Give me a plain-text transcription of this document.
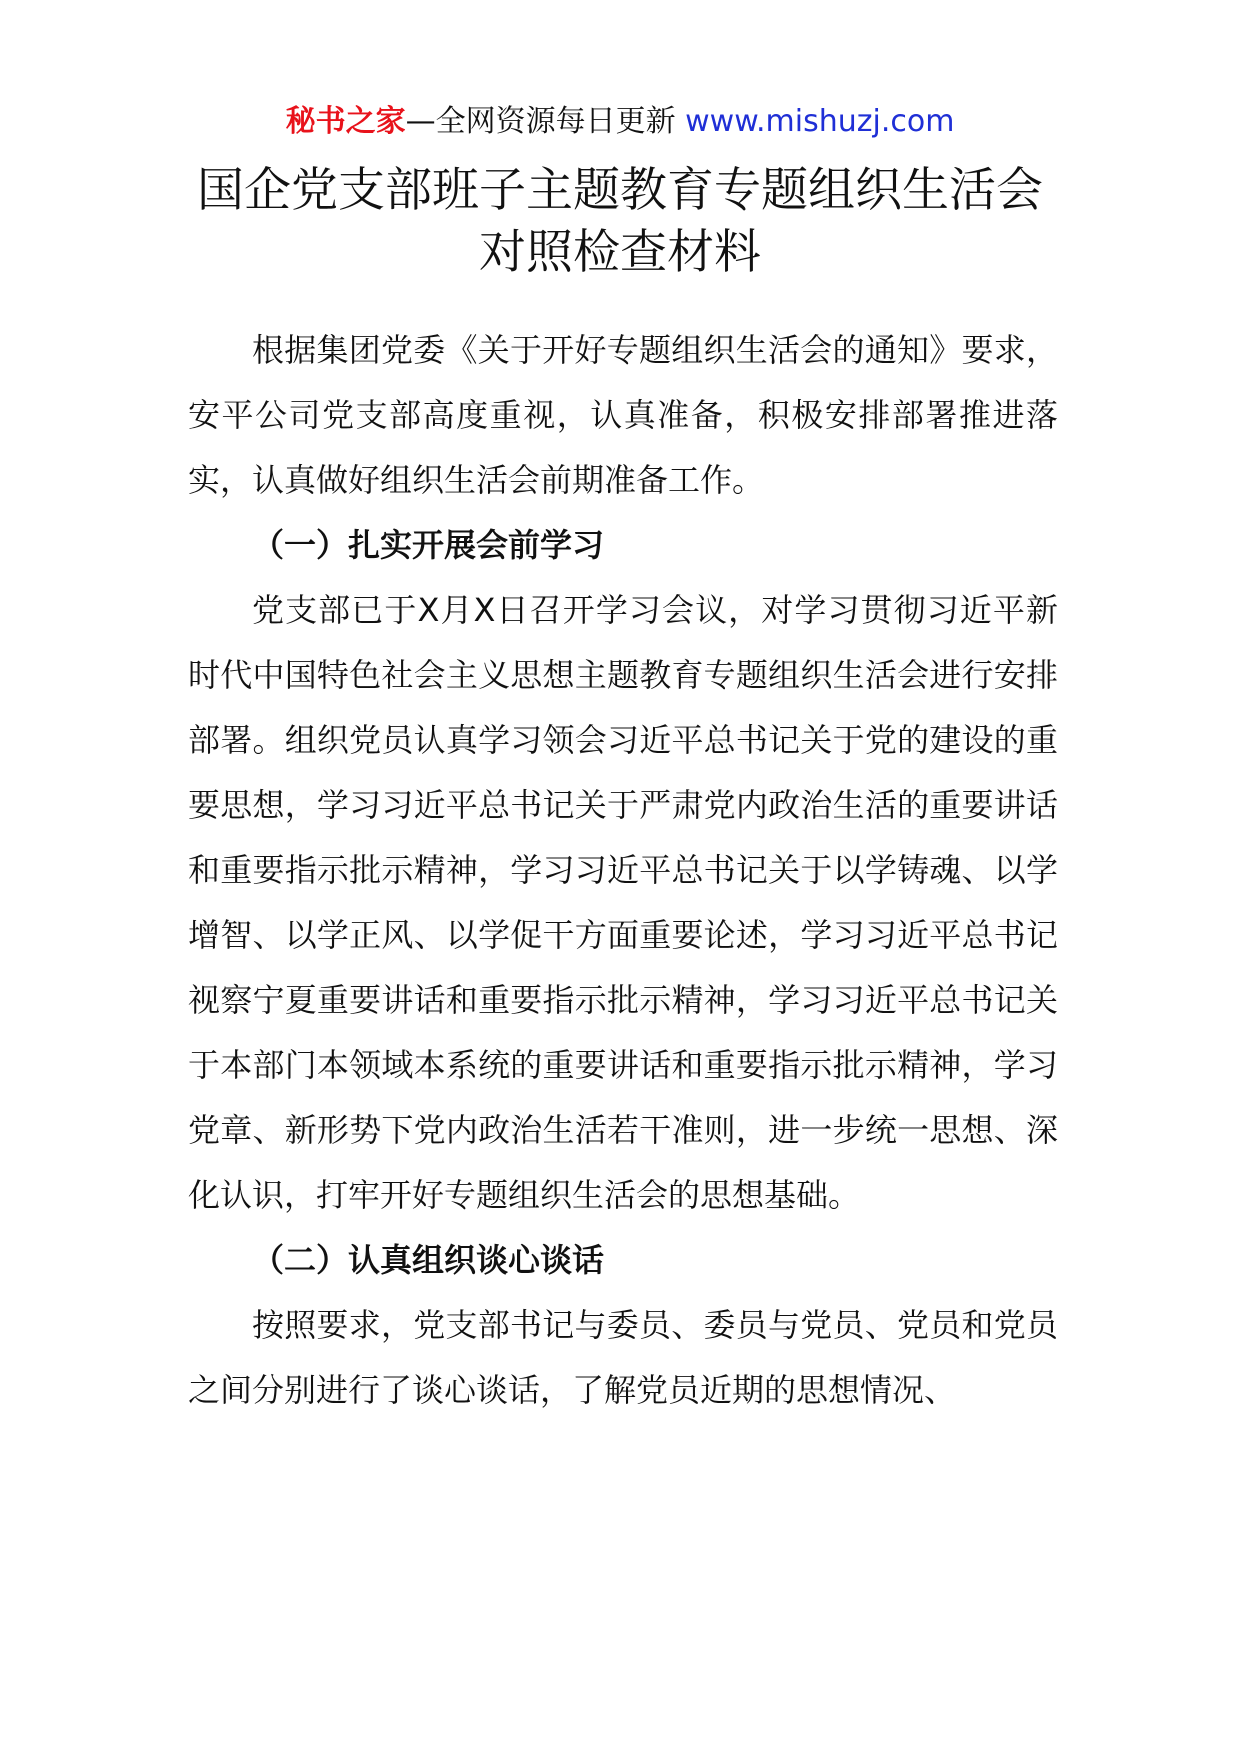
秘书之家—全网资源每日更新 www.mishuzj.com
国企党支部班子主题教育专题组织生活会
对照检查材料

根据集团党委《关于开好专题组织生活会的通知》要求，安平公司党支部高度重视，认真准备，积极安排部署推进落实，认真做好组织生活会前期准备工作。

（一）扎实开展会前学习

党支部已于X月X日召开学习会议，对学习贯彻习近平新时代中国特色社会主义思想主题教育专题组织生活会进行安排部署。组织党员认真学习领会习近平总书记关于党的建设的重要思想，学习习近平总书记关于严肃党内政治生活的重要讲话和重要指示批示精神，学习习近平总书记关于以学铸魂、以学增智、以学正风、以学促干方面重要论述，学习习近平总书记视察宁夏重要讲话和重要指示批示精神，学习习近平总书记关于本部门本领域本系统的重要讲话和重要指示批示精神，学习党章、新形势下党内政治生活若干准则，进一步统一思想、深化认识，打牢开好专题组织生活会的思想基础。

（二）认真组织谈心谈话

按照要求，党支部书记与委员、委员与党员、党员和党员之间分别进行了谈心谈话，了解党员近期的思想情况、
